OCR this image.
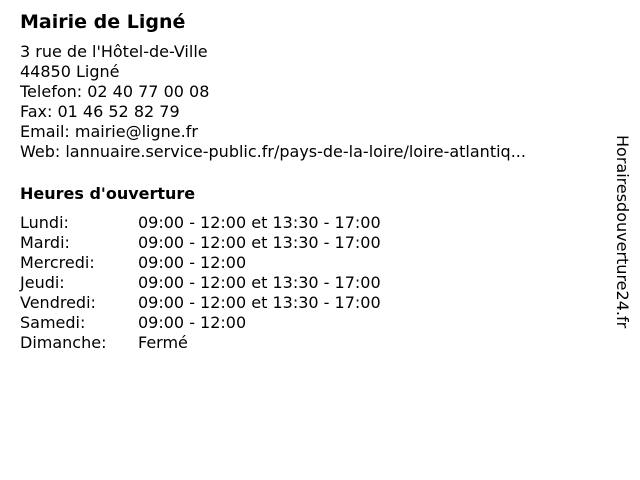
Mairie de Ligné
3 rue de l'Hôtel-de-Ville
44850 Ligné
Telefon: 02 40 77 00 08
Fax: 01 46 52 82 79
Email: mairie@ligne.fr
Web: lannuaire.service-public.fr/pays-de-la-loire/loire-atlantiq...
Heures d'ouverture
Lundi:	09:00 - 12:00 et 13:30 - 17:00
Mardi:	09:00 - 12:00 et 13:30 - 17:00
Mercredi:	09:00 - 12:00
Jeudi:	09:00 - 12:00 et 13:30 - 17:00
Vendredi:	09:00 - 12:00 et 13:30 - 17:00
Samedi:	09:00 - 12:00
Dimanche:	Fermé
Horairesdouverture24.fr
